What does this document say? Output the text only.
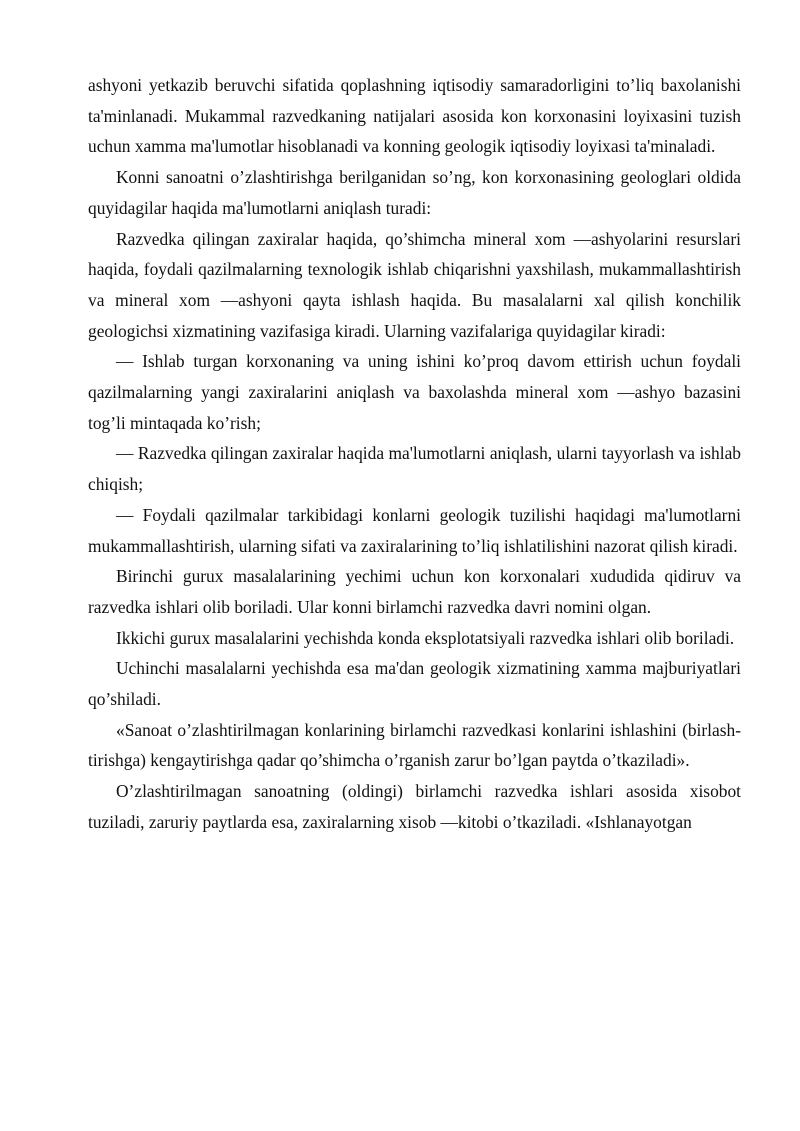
ashyoni yetkazib beruvchi sifatida qoplashning iqtisodiy samaradorligini to’liq baxolanishi ta'minlanadi. Mukammal razvedkaning natijalari asosida kon korxonasini loyixasini tuzish uchun xamma ma'lumotlar hisoblanadi va konning geologik iqtisodiy loyixasi ta'minaladi.

Konni sanoatni o’zlashtirishga berilganidan so’ng, kon korxonasining geologlari oldida quyidagilar haqida ma'lumotlarni aniqlash turadi:

Razvedka qilingan zaxiralar haqida, qo’shimcha mineral xom —ashyolarini resurslari haqida, foydali qazilmalarning texnologik ishlab chiqarishni yaxshilash, mukammallashtirish va mineral xom —ashyoni qayta ishlash haqida. Bu masalalarni xal qilish konchilik geologichsi xizmatining vazifasiga kiradi. Ularning vazifalariga quyidagilar kiradi:

— Ishlab turgan korxonaning va uning ishini ko’proq davom ettirish uchun foydali qazilmalarning yangi zaxiralarini aniqlash va baxolashda mineral xom —ashyo bazasini tog’li mintaqada ko’rish;

— Razvedka qilingan zaxiralar haqida ma'lumotlarni aniqlash, ularni tayyorlash va ishlab chiqish;

— Foydali qazilmalar tarkibidagi konlarni geologik tuzilishi haqidagi ma'lumotlarni mukammallashtirish, ularning sifati va zaxiralarining to’liq ishlatilishini nazorat qilish kiradi.

Birinchi gurux masalalarining yechimi uchun kon korxonalari xududida qidiruv va razvedka ishlari olib boriladi. Ular konni birlamchi razvedka davri nomini olgan.

Ikkichi gurux masalalarini yechishda konda eksplotatsiyali razvedka ishlari olib boriladi.

Uchinchi masalalarni yechishda esa ma'dan geologik xizmatining xamma majburiyatlari qo’shiladi.

«Sanoat o’zlashtirilmagan konlarining birlamchi razvedkasi konlarini ishlashini (birlash-tirishga) kengaytirishga qadar qo’shimcha o’rganish zarur bo’lgan paytda o’tkaziladi».

O’zlashtirilmagan sanoatning (oldingi) birlamchi razvedka ishlari asosida xisobot tuziladi, zaruriy paytlarda esa, zaxiralarning xisob —kitobi o’tkaziladi. «Ishlanayotgan
